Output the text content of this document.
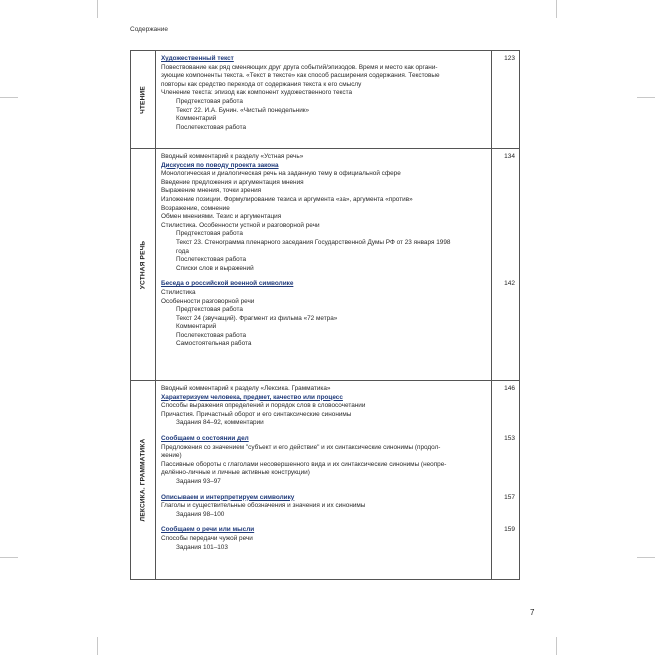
Содержание
ЧТЕНИЕ
Художественный текст
Повествование как ряд сменяющих друг друга событий/эпизодов. Время и место как органи-
зующие компоненты текста. «Текст в тексте» как способ расширения содержания. Текстовые
повторы как средство перехода от содержания текста к его смыслу
Членение текста: эпизод как компонент художественного текста
Предтекстовая работа
Текст 22. И.А. Бунин. «Чистый понедельник»
Комментарий
Послетекстовая работа
123
УСТНАЯ РЕЧЬ
Вводный комментарий к разделу «Устная речь»
Дискуссия по поводу проекта закона
Монологическая и диалогическая речь на заданную тему в официальной сфере
Введение предложения и аргументация мнения
Выражение мнения, точки зрения
Изложение позиции. Формулирование тезиса и аргумента «за», аргумента «против»
Возражение, сомнение
Обмен мнениями. Тезис и аргументация
Стилистика. Особенности устной и разговорной речи
Предтекстовая работа
Текст 23. Стенограмма пленарного заседания Государственной Думы РФ от 23 января 1998
года
Послетекстовая работа
Списки слов и выражений
Беседа о российской военной символике
Стилистика
Особенности разговорной речи
Предтекстовая работа
Текст 24 (звучащий). Фрагмент из фильма «72 метра»
Комментарий
Послетекстовая работа
Самостоятельная работа
134
142
ЛЕКСИКА. ГРАММАТИКА
Вводный комментарий к разделу «Лексика. Грамматика»
Характеризуем человека, предмет, качество или процесс
Способы выражения определений и порядок слов в словосочетании
Причастия. Причастный оборот и его синтаксические синонимы
Задания 84–92, комментарии
Сообщаем о состоянии дел
Предложения со значением "субъект и его действие" и их синтаксические синонимы (продол-
жение)
Пассивные обороты с глаголами несовершенного вида и их синтаксические синонимы (неопре-
делённо-личные и личные активные конструкции)
Задания 93–97
Описываем и интерпретируем символику
Глаголы и существительные обозначения и значения и их синонимы
Задания 98–100
Сообщаем о речи или мысли
Способы передачи чужой речи
Задания 101–103
146
153
157
159
7
